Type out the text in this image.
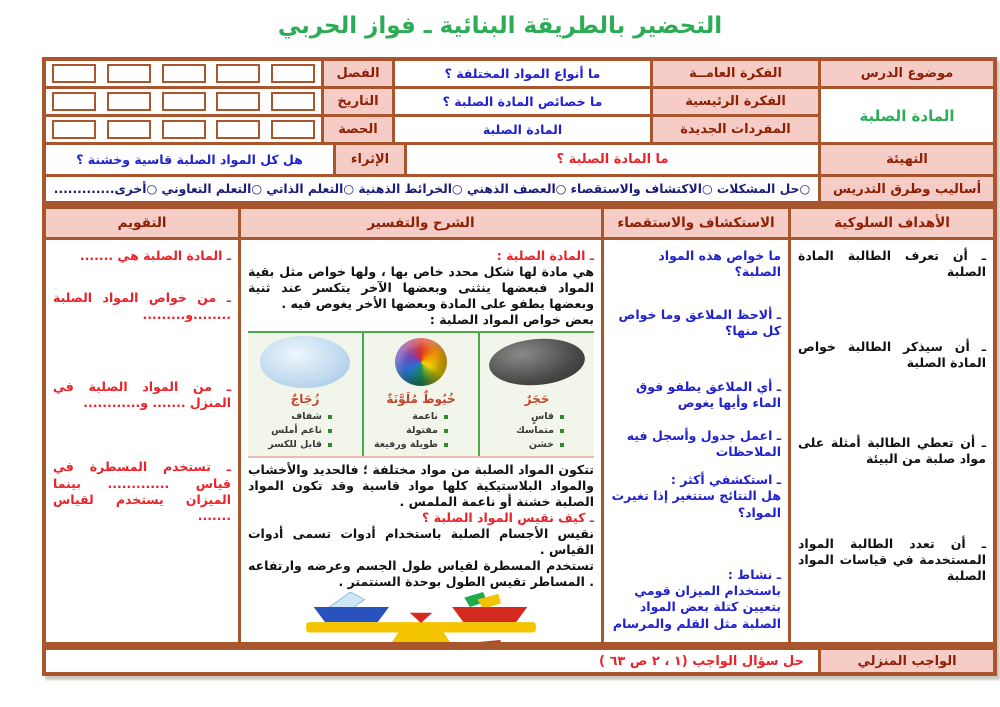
التحضير بالطريقة البنائية ـ فواز الحربي
موضوع الدرس
الفكرة العامــة
ما أنواع المواد المختلفة ؟
الفصل
المادة الصلبة
الفكرة الرئيسية
ما خصائص المادة الصلبة ؟
التاريخ
المفردات الجديدة
المادة الصلبة
الحصة
التهيئة
ما المادة الصلبة ؟
الإثراء
هل كل المواد الصلبة قاسية وخشنة ؟
أساليب وطرق التدريس
○حل المشكلات ○الاكتشاف والاستقصاء ○العصف الذهني ○الخرائط الذهنية ○التعلم الذاتي ○التعلم التعاوني ○أخرى.............
الأهداف السلوكية
الاستكشاف والاستقصاء
الشرح والتفسير
التقويم
ـ أن تعرف الطالبة المادة الصلبة
ـ أن سيذكر الطالبة خواص المادة الصلبة
ـ أن تعطي الطالبة أمثلة على مواد صلبة من البيئة
ـ أن تعدد الطالبة المواد المستخدمة في قياسات المواد الصلبة
ما خواص هذه المواد الصلبة؟
ـ ألاحظ الملاعق وما خواص كل منها؟
ـ أي الملاعق يطفو فوق الماء وأيها يغوص
ـ اعمل جدول وأسجل فيه الملاحظات
ـ استكشفي أكثر :
هل النتائج ستتغير إذا تغيرت المواد؟
ـ نشاط :
باستخدام الميزان قومي بتعيين كتلة بعض المواد الصلبة مثل القلم والمرسام
ـ المادة الصلبة :

هي مادة لها شكل محدد خاص بها ، ولها خواص مثل بقية المواد فبعضها ينثنى وبعضها الآخر يتكسر عند ثنية وبعضها يطفو على المادة وبعضها الأخر يغوص فيه .

بعض خواص المواد الصلبة :
حَجَرٌ
قاسٍ
متماسك
خشن
خُيُوطٌ مُلَوَّنَةٌ
ناعمة
مفتولة
طويلة ورفيعة
زُجَاجٌ
شفاف
ناعم أملس
قابل للكسر

تتكون المواد الصلبة من مواد مختلفة ؛ فالحديد والأخشاب والمواد البلاستيكية كلها مواد قاسية وقد تكون المواد الصلبة خشنة أو ناعمة الملمس .

ـ كيف نقيس المواد الصلبة ؟

نقيس الأجسام الصلبة باستخدام أدوات تسمى أدوات القياس .

تستخدم المسطرة لقياس طول الجسم وعرضه وارتفاعه . المساطر تقيس الطول بوحدة السنتمتر .

ـ المادة الصلبة هي .......
ـ من خواص المواد الصلبة ........و.........
ـ من المواد الصلبة في المنزل ....... و............
ـ تستخدم المسطرة في قياس ............. بينما الميزان يستخدم لقياس .......
الواجب المنزلي
حل سؤال الواجب (١ ، ٢ ص ٦٣ )
